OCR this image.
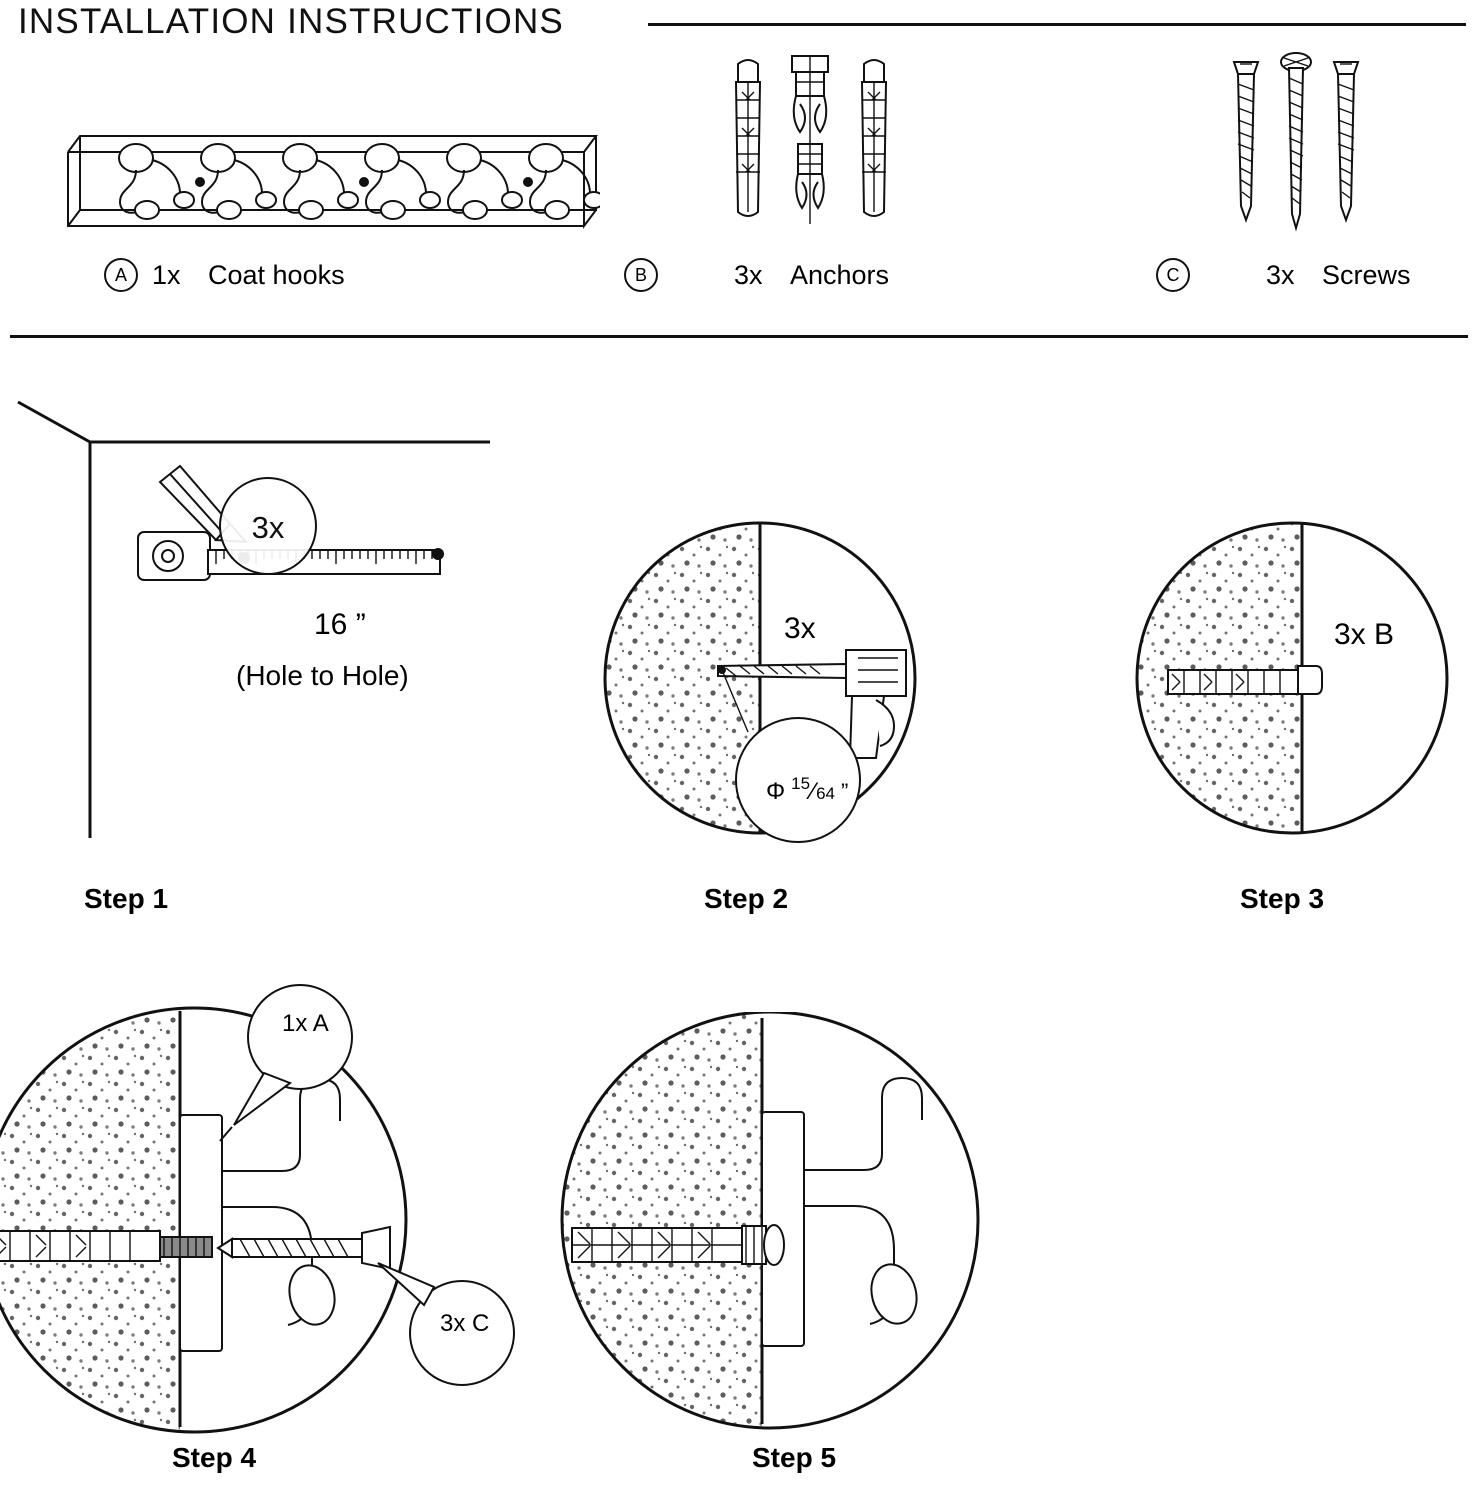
INSTALLATION INSTRUCTIONS
A 1x	Coat hooks	B	3x	Anchors	C	3x	Screws
3x
16 ”
(Hole to Hole)
Step 1
3x
Φ 15 ⁄ 64 ”
Step 2
3x B
Step 3
1x A
3x C
Step 4	Step 5
